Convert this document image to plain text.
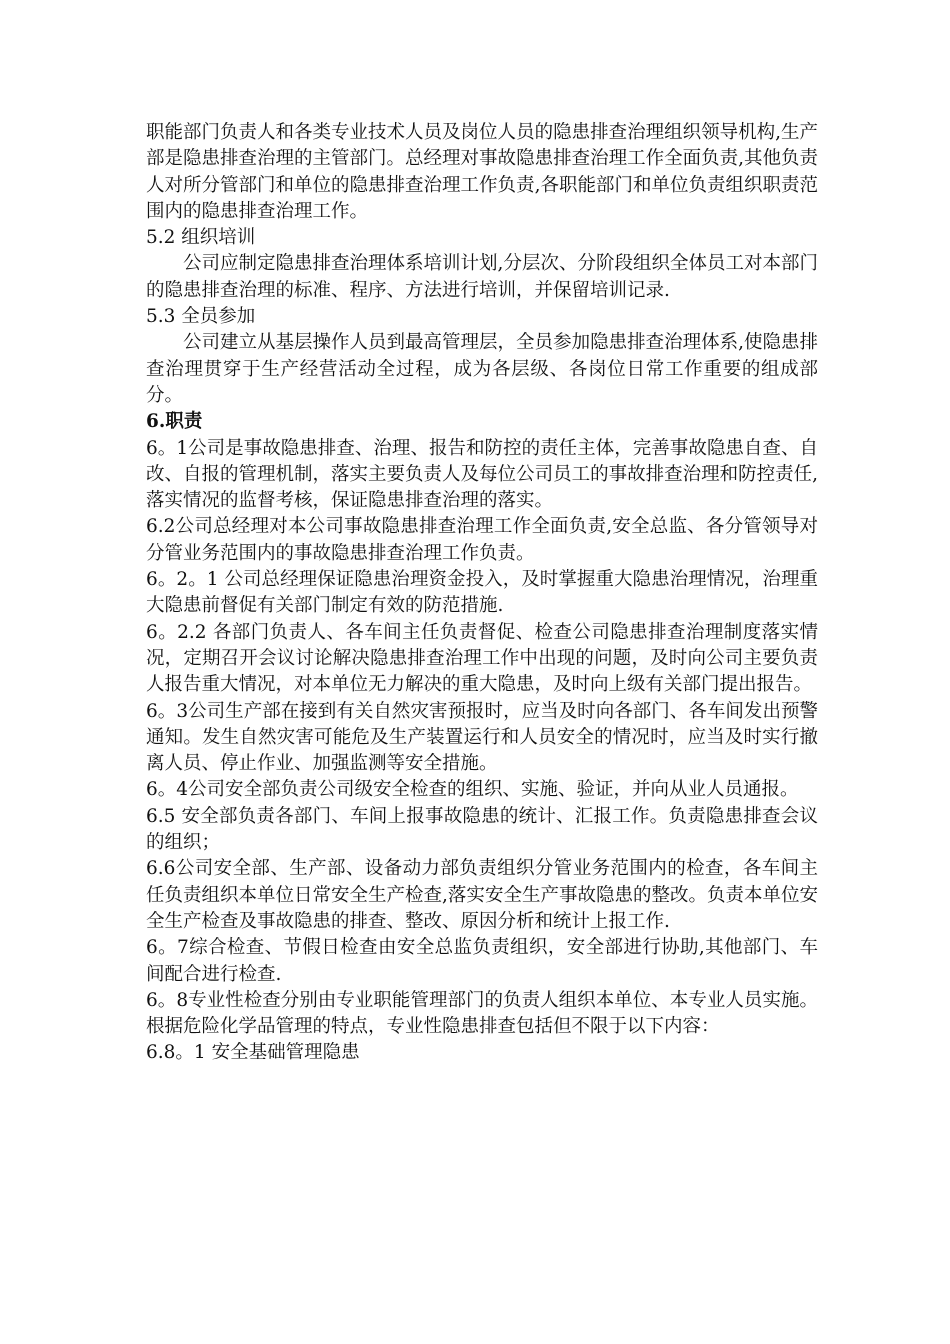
职能部门负责人和各类专业技术人员及岗位人员的隐患排查治理组织领导机构,生产部是隐患排查治理的主管部门。总经理对事故隐患排查治理工作全面负责,其他负责人对所分管部门和单位的隐患排查治理工作负责,各职能部门和单位负责组织职责范围内的隐患排查治理工作。

5.2 组织培训

公司应制定隐患排查治理体系培训计划,分层次、分阶段组织全体员工对本部门的隐患排查治理的标准、程序、方法进行培训，并保留培训记录.

5.3 全员参加

公司建立从基层操作人员到最高管理层，全员参加隐患排查治理体系,使隐患排查治理贯穿于生产经营活动全过程，成为各层级、各岗位日常工作重要的组成部分。

6.职责

6。1公司是事故隐患排查、治理、报告和防控的责任主体，完善事故隐患自查、自改、自报的管理机制，落实主要负责人及每位公司员工的事故排查治理和防控责任,落实情况的监督考核，保证隐患排查治理的落实。

6.2公司总经理对本公司事故隐患排查治理工作全面负责,安全总监、各分管领导对分管业务范围内的事故隐患排查治理工作负责。

6。2。1 公司总经理保证隐患治理资金投入，及时掌握重大隐患治理情况，治理重大隐患前督促有关部门制定有效的防范措施.

6。2.2 各部门负责人、各车间主任负责督促、检查公司隐患排查治理制度落实情况，定期召开会议讨论解决隐患排查治理工作中出现的问题，及时向公司主要负责人报告重大情况，对本单位无力解决的重大隐患，及时向上级有关部门提出报告。

6。3公司生产部在接到有关自然灾害预报时，应当及时向各部门、各车间发出预警通知。发生自然灾害可能危及生产装置运行和人员安全的情况时，应当及时实行撤离人员、停止作业、加强监测等安全措施。

6。4公司安全部负责公司级安全检查的组织、实施、验证，并向从业人员通报。

6.5 安全部负责各部门、车间上报事故隐患的统计、汇报工作。负责隐患排查会议的组织；

6.6公司安全部、生产部、设备动力部负责组织分管业务范围内的检查，各车间主任负责组织本单位日常安全生产检查,落实安全生产事故隐患的整改。负责本单位安全生产检查及事故隐患的排查、整改、原因分析和统计上报工作.

6。7综合检查、节假日检查由安全总监负责组织，安全部进行协助,其他部门、车间配合进行检查.

6。8专业性检查分别由专业职能管理部门的负责人组织本单位、本专业人员实施。根据危险化学品管理的特点，专业性隐患排查包括但不限于以下内容：

6.8。1 安全基础管理隐患
